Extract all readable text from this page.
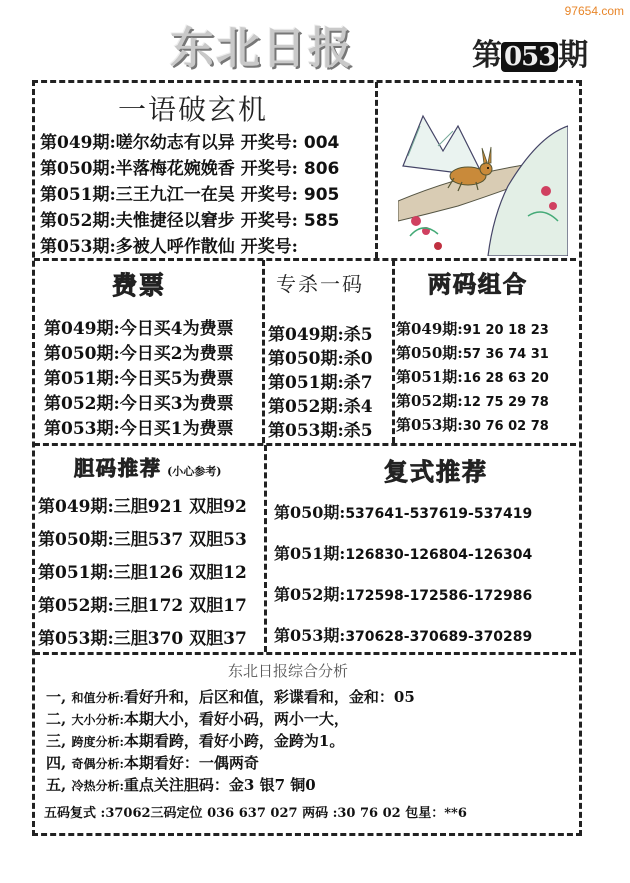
97654.com
东北日报	第 053 期
一语破玄机
第049期:嗟尔幼志有以异 开奖号: 004
第050期:半落梅花婉娩香 开奖号: 806
第051期:三王九江一在吴 开奖号: 905
第052期:夫惟捷径以窘步 开奖号: 585
第053期:多被人呼作散仙 开奖号:
费票
第049期:今日买4为费票
第050期:今日买2为费票
第051期:今日买5为费票
第052期:今日买3为费票
第053期:今日买1为费票
专杀一码
第049期:杀5
第050期:杀0
第051期:杀7
第052期:杀4
第053期:杀5
两码组合
第049期:91 20 18 23
第050期:57 36 74 31
第051期:16 28 63 20
第052期:12 75 29 78
第053期:30 76 02 78
胆码推荐 (小心参考)
第049期:三胆921 双胆92
第050期:三胆537 双胆53
第051期:三胆126 双胆12
第052期:三胆172 双胆17
第053期:三胆370 双胆37
复式推荐
第050期:537641-537619-537419
第051期:126830-126804-126304
第052期:172598-172586-172986
第053期:370628-370689-370289
东北日报综合分析
一, 和值分析:看好升和，后区和值，彩谍看和，金和：05
二, 大小分析:本期大小，看好小码，两小一大，
三, 跨度分析:本期看跨，看好小跨，金跨为1。
四, 奇偶分析:本期看好：一偶两奇
五, 冷热分析:重点关注胆码：金3 银7 铜0
五码复式 :37062三码定位 036 637 027 两码 :30 76 02 包星：**6
